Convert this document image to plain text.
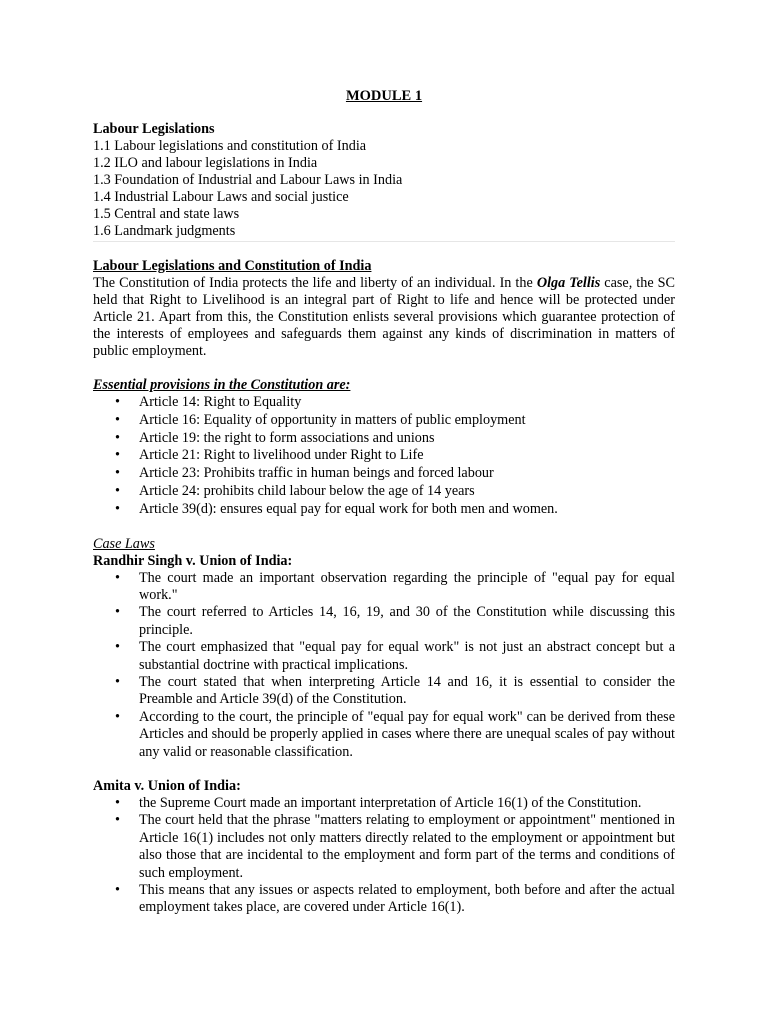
MODULE 1
Labour Legislations
1.1 Labour legislations and constitution of India
1.2 ILO and labour legislations in India
1.3 Foundation of Industrial and Labour Laws in India
1.4 Industrial Labour Laws and social justice
1.5 Central and state laws
1.6 Landmark judgments
Labour Legislations and Constitution of India

The Constitution of India protects the life and liberty of an individual. In the Olga Tellis case, the SC held that Right to Livelihood is an integral part of Right to life and hence will be protected under Article 21. Apart from this, the Constitution enlists several provisions which guarantee protection of the interests of employees and safeguards them against any kinds of discrimination in matters of public employment.

Essential provisions in the Constitution are:
• Article 14: Right to Equality
• Article 16: Equality of opportunity in matters of public employment
• Article 19: the right to form associations and unions
• Article 21: Right to livelihood under Right to Life
• Article 23: Prohibits traffic in human beings and forced labour
• Article 24: prohibits child labour below the age of 14 years
• Article 39(d): ensures equal pay for equal work for both men and women.
Case Laws
Randhir Singh v. Union of India:
• The court made an important observation regarding the principle of "equal pay for equal work."
• The court referred to Articles 14, 16, 19, and 30 of the Constitution while discussing this principle.
• The court emphasized that "equal pay for equal work" is not just an abstract concept but a substantial doctrine with practical implications.
• The court stated that when interpreting Article 14 and 16, it is essential to consider the Preamble and Article 39(d) of the Constitution.
• According to the court, the principle of "equal pay for equal work" can be derived from these Articles and should be properly applied in cases where there are unequal scales of pay without any valid or reasonable classification.
Amita v. Union of India:
• the Supreme Court made an important interpretation of Article 16(1) of the Constitution.
• The court held that the phrase "matters relating to employment or appointment" mentioned in Article 16(1) includes not only matters directly related to the employment or appointment but also those that are incidental to the employment and form part of the terms and conditions of such employment.
• This means that any issues or aspects related to employment, both before and after the actual employment takes place, are covered under Article 16(1).
